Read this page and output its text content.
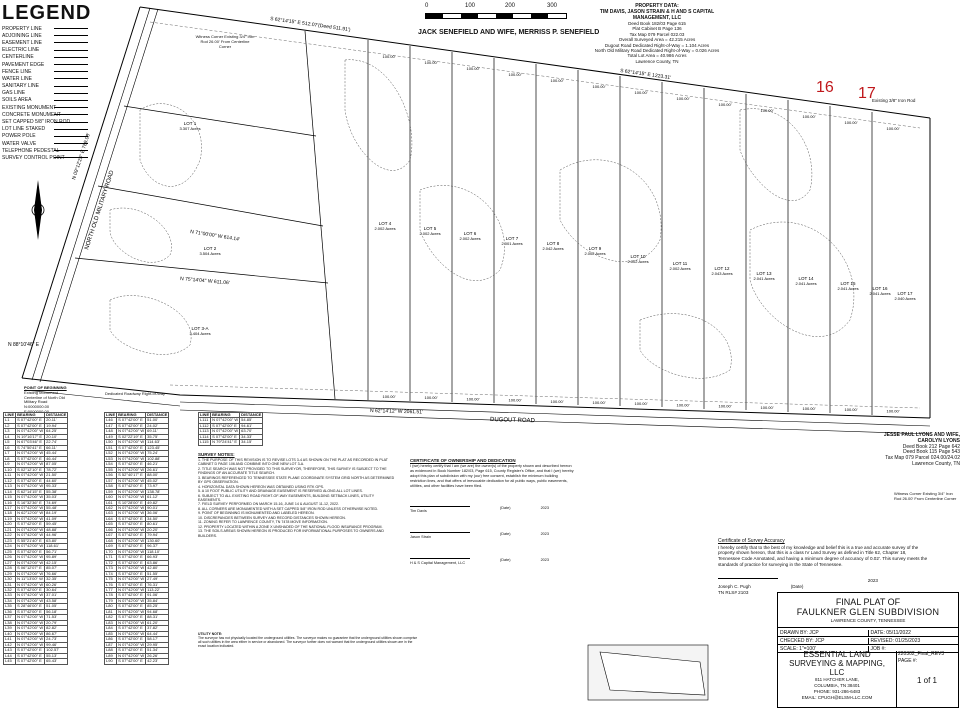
LEGEND
PROPERTY LINE
ADJOINING LINE
EASEMENT LINE
ELECTRIC LINE
CENTERLINE
PAVEMENT EDGE
FENCE LINE
WATER LINE
SANITARY LINE
GAS LINE
SOILS AREA
EXISTING MONUMENT
CONCRETE MONUMENT
SET CAPPED 5/8" IRON ROD
LOT LINE STAKED
POWER POLE
WATER VALVE
TELEPHONE PEDESTAL
SURVEY CONTROL POINT
0	100	200	300
JACK SENEFIELD AND WIFE, MERRISS P. SENEFIELD
PROPERTY DATA:
TIM DAVIS, JASON STRAIN & H AND S CAPITAL MANAGEMENT, LLC
Deed Book 182/03 Page 615
Plat Cabinet B Page 136
Tax Map 079 Parcel 022.03
Overall Surveyed Area = 42.215 Acres
Dugout Road Dedicated Right-of-Way = 1.104 Acres
North Old Military Road Dedicated Right-of-Way = 0.026 Acres
Total Lot Area = 40.986 Acres
Lawrence County, TN
NORTH OLD MILITARY ROAD
DUGOUT ROAD
S 62°14'15" E 512.07'(Deed 511.91')
S 62°14'15" E 1223.31'
N 62°14'12" W 2061.51'
N 09°12'25" E 789.08'
N 71°00'00" W 614.14'
N 75°14'04" W 611.06'
N 88°10'46" E
LOT 1
3.307 Acres
LOT 2
3.504 Acres
LOT 3-A
3.404 Acres
LOT 4
2.002 Acres	LOT 5
2.002 Acres	LOT 6
2.002 Acres	LOT 7
2.001 Acres	LOT 8
2.042 Acres	LOT 9
2.002 Acres
LOT 10
2.002 Acres	LOT 11
2.002 Acres	LOT 12
2.043 Acres	LOT 13
2.041 Acres	LOT 14
2.041 Acres	LOT 15
2.041 Acres	LOT 16
2.041 Acres LOT 17
2.040 Acres
100.00'
100.00'
100.00'
100.00'
100.00'
100.00'
100.00'
100.00'
100.00'
100.00'
100.00'
100.00'
100.00'
100.00'
100.00'
100.00'
100.00'
100.00'
100.00'
100.00'
100.00'
100.00'
100.00'
100.00'
100.00'
100.00'
16 17
Existing 3/8" Iron Rod
Witness Corner Existing 3/4" Iron Rod 26.00' From Centerline Corner
Witness Corner Existing 3/4" Iron Rod 26.00' From Centerline Corner
JESSE PAUL LYONS AND WIFE, CAROLYN LYONS
Deed Book 212 Page 642
Deed Book 115 Page 543
Tax Map 079 Parcel 024.00/24.02
Lawrence County, TN
POINT OF BEGINNING
Existing Monument
Centerline of North Old
Military Road
N:0000000.00
E:0000000.00
Dedicated Roadway Right-of-Way
LINE	BEARING	DISTANCE
L1	S 07°42'00" E	20.11'
L2	S 07°42'00" E	19.94'
L3	N 07°42'00" W	64.25'
L4	N 19°16'17" E	20.10'
L5	N 67°03'46" E	22.74'
L6	S 74°50'41" E	66.11'
L7	N 07°42'00" W	45.44'
L8	S 07°42'00" E	46.44'
L9	N 07°42'00" W	87.05'
L10	S 02°12'10" E	78.72'
L11	N 07°42'00" W	21.50'
L12	S 07°42'00" E	44.60'
L13	N 07°42'00" W	95.33'
L14	S 62°14'15" E	55.38'
L15	N 07°42'00" W	35.03'
L16	S 16°32'36" E	74.69'
L17	N 07°42'00" W	55.48'
L18	N 62°12'00" W	84.19'
L19	N 07°42'00" W	41.09'
L20	S 07°42'00" E	59.45'
L21	N 07°42'00" W	48.88'
L22	N 07°42'00" W	44.96'
L23	S 55°21'40" E	63.80'
L24	N 07°42'00" W	118.61'
L25	S 07°42'00" E	56.71'
L26	N 07°42'00" W	95.89'
L27	N 07°42'00" W	42.15'
L28	S 06°12'07" E	85.07'
L29	N 07°42'00" W	76.66'
L30	N 11°13'00" W	32.35'
L31	N 07°42'00" W	60.26'
L32	S 07°42'00" E	30.64'
L33	N 07°42'00" W	37.01'
L34	N 07°42'00" W	43.58'
L35	S 28°46'00" E	51.05'
L36	S 07°42'00" E	56.18'
L37	N 07°42'00" W	71.53'
L38	N 07°42'00" W	20.79'
L39	N 07°42'00" W	82.82'
L40	N 07°42'00" W	86.67'
L41	N 07°42'00" W	24.73'
L42	N 07°42'00" W	99.46'
L43	S 07°42'00" E	102.57'
L44	S 07°42'00" E	55.13'
L45	S 07°42'00" E	65.43'
LINE	BEARING	DISTANCE
L46	S 07°42'00" E	51.00'
L47	S 07°42'00" E	24.02'
L48	N 07°42'00" W	69.11'
L49	S 02°22'19" E	35.75'
L50	N 07°42'00" W	114.63'
L51	S 07°42'00" E	123.45'
L52	N 07°42'00" W	75.24'
L53	N 07°42'00" W	102.88'
L54	S 07°42'00" E	46.21'
L55	N 07°42'00" W	26.61'
L56	S 52°40'17" E	88.00'
L57	N 07°42'00" W	45.02'
L58	S 07°42'00" E	73.97'
L59	N 07°42'00" W	138.78'
L60	N 07°42'00" W	61.12'
L61	S 10°28'00" E	49.82'
L62	N 07°42'00" W	90.01'
L63	N 07°42'00" W	36.06'
L64	S 07°42'00" E	34.50'
L65	S 07°42'00" E	80.61'
L66	N 07°42'00" W	20.20'
L67	S 07°42'00" E	79.94'
L68	N 07°42'00" W	130.60'
L69	S 07°42'00" E	96.37'
L70	N 07°42'00" W	118.10'
L71	S 07°42'00" E	66.93'
L72	S 07°42'00" E	63.86'
L73	N 07°42'00" W	42.80'
L74	S 07°42'00" E	51.55'
L75	N 07°42'00" W	27.49'
L76	S 07°42'00" E	76.31'
L77	N 07°42'00" W	113.22'
L78	S 07°42'00" E	91.06'
L79	N 07°42'00" W	35.84'
L80	S 07°42'00" E	85.25'
L81	N 07°42'00" W	94.68'
L82	S 07°42'00" E	88.31'
L83	N 07°42'00" W	61.20'
L84	S 07°42'00" E	37.82'
L85	N 07°42'00" W	64.44'
L86	S 07°42'00" E	58.17'
L87	N 07°42'00" W	29.95'
L88	S 07°42'00" E	51.34'
L89	N 07°42'00" W	26.26'
L90	S 07°42'00" E	42.23'
LINE	BEARING	DISTANCE
L111	N 07°42'00" W	54.85'
L112	S 07°42'00" E	94.61'
L113	N 07°42'00" W	63.70'
L114	S 07°42'00" E	34.33'
L115	N 79°24'41" E	34.15'
SURVEY NOTES:
1. THE PURPOSE OF THIS REVISION IS TO REVISE LOTS 3-4 AS SHOWN ON THE PLAT AS RECORDED IN PLAT CABINET D PAGE 106 AND COMBINE INTO ONE NEW LOT 3-A.
2. TITLE SEARCH WAS NOT PROVIDED TO THIS SURVEYOR, THEREFORE, THIS SURVEY IS SUBJECT TO THE FINDINGS OF AN ACCURATE TITLE SEARCH.
3. BEARINGS REFERENCED TO TENNESSEE STATE PLANE COORDINATE SYSTEM GRID NORTH AS DETERMINED BY GPS OBSERVATION.
4. HORIZONTAL DATA SHOWN HEREON WAS OBTAINED USING RTK GPS.
5. A 10 FOOT PUBLIC UTILITY AND DRAINAGE EASEMENT IS RESERVED ALONG ALL LOT LINES.
6. SUBJECT TO ALL EXISTING ROAD RIGHT-OF-WAY EASEMENTS, BUILDING SETBACK LINES, UTILITY EASEMENTS.
7. FIELD SURVEY PERFORMED ON MARCH 15-16, JUNE 14 & AUGUST 11-12, 2022.
8. ALL CORNERS ARE MONUMENTED WITH A SET CAPPED 5/8" IRON ROD UNLESS OTHERWISE NOTED.
9. POINT OF BEGINNING IS MONUMENTED AND LABELED HEREON.
10. DISCREPANCIES BETWEEN SURVEY AND RECORD DISTANCES SHOWN HEREON.
11. ZONING REFER TO LAWRENCE COUNTY, TN 7478 MOVE INFORMATION.
12. PROPERTY LOCATED WITHIN A ZONE X UNSHADED OF THE NATIONAL FLOOD INSURANCE PROGRAM.
13. THE SOILS AREAS SHOWN HEREON IS PRODUCED FOR INFORMATIONAL PURPOSES TO OWNERS AND BUILDERS.
UTILITY NOTE:
The surveyor has not physically located the underground utilities. The surveyor makes no guarantee that the underground utilities shown comprise all such utilities in the area either in service or abandoned. The surveyor further does not warrant that the underground utilities shown are in the exact location indicated.
CERTIFICATE OF OWNERSHIP AND DEDICATION
I (we) hereby certify that I am (we are) the owner(s) of the property shown and described hereon as evidenced in Book Number 182/03, Page 615, County Register's Office, and that I (we) hereby adopt this plan of subdivision with my (our) free consent, establish the minimum building restriction lines, and that offers of irrevocable dedication for all public ways, public easements, utilities, and other facilities have been filed.
Tim Davis
(Date)	2023
Jason Strain
(Date)	2023
H & S Capital Management, LLC
(Date)	2023
Certificate of Survey Accuracy
I hereby certify that to the best of my knowledge and belief this is a true and accurate survey of the property shown hereon, that this is a class IV Land Survey as defined in Title 62, Chapter 18, Tennessee Code Annotated, and having a minimum degree of accuracy of 0.02'. This survey meets the standards of practice for surveying in the State of Tennessee.
2023
Joseph C. Pugh	(Date)
TN RLS# 2103
FINAL PLAT OF
FAULKNER GLEN SUBDIVISION
LAWRENCE COUNTY, TENNESSEE
DRAWN BY: JCP	DATE: 05/11/2022
CHECKED BY: JCP	REVISED: 01/25/2023
SCALE: 1"=100'	JOB #:
ESSENTIAL LAND
SURVEYING & MAPPING,
LLC
811 HATCHER LANE,
COLUMBIA, TN 38401
PHONE: 931-286-6483
EMAIL: CPUGH@ELSM-LLC.COM
220302_Final_REV3
PAGE #:
1 of 1
